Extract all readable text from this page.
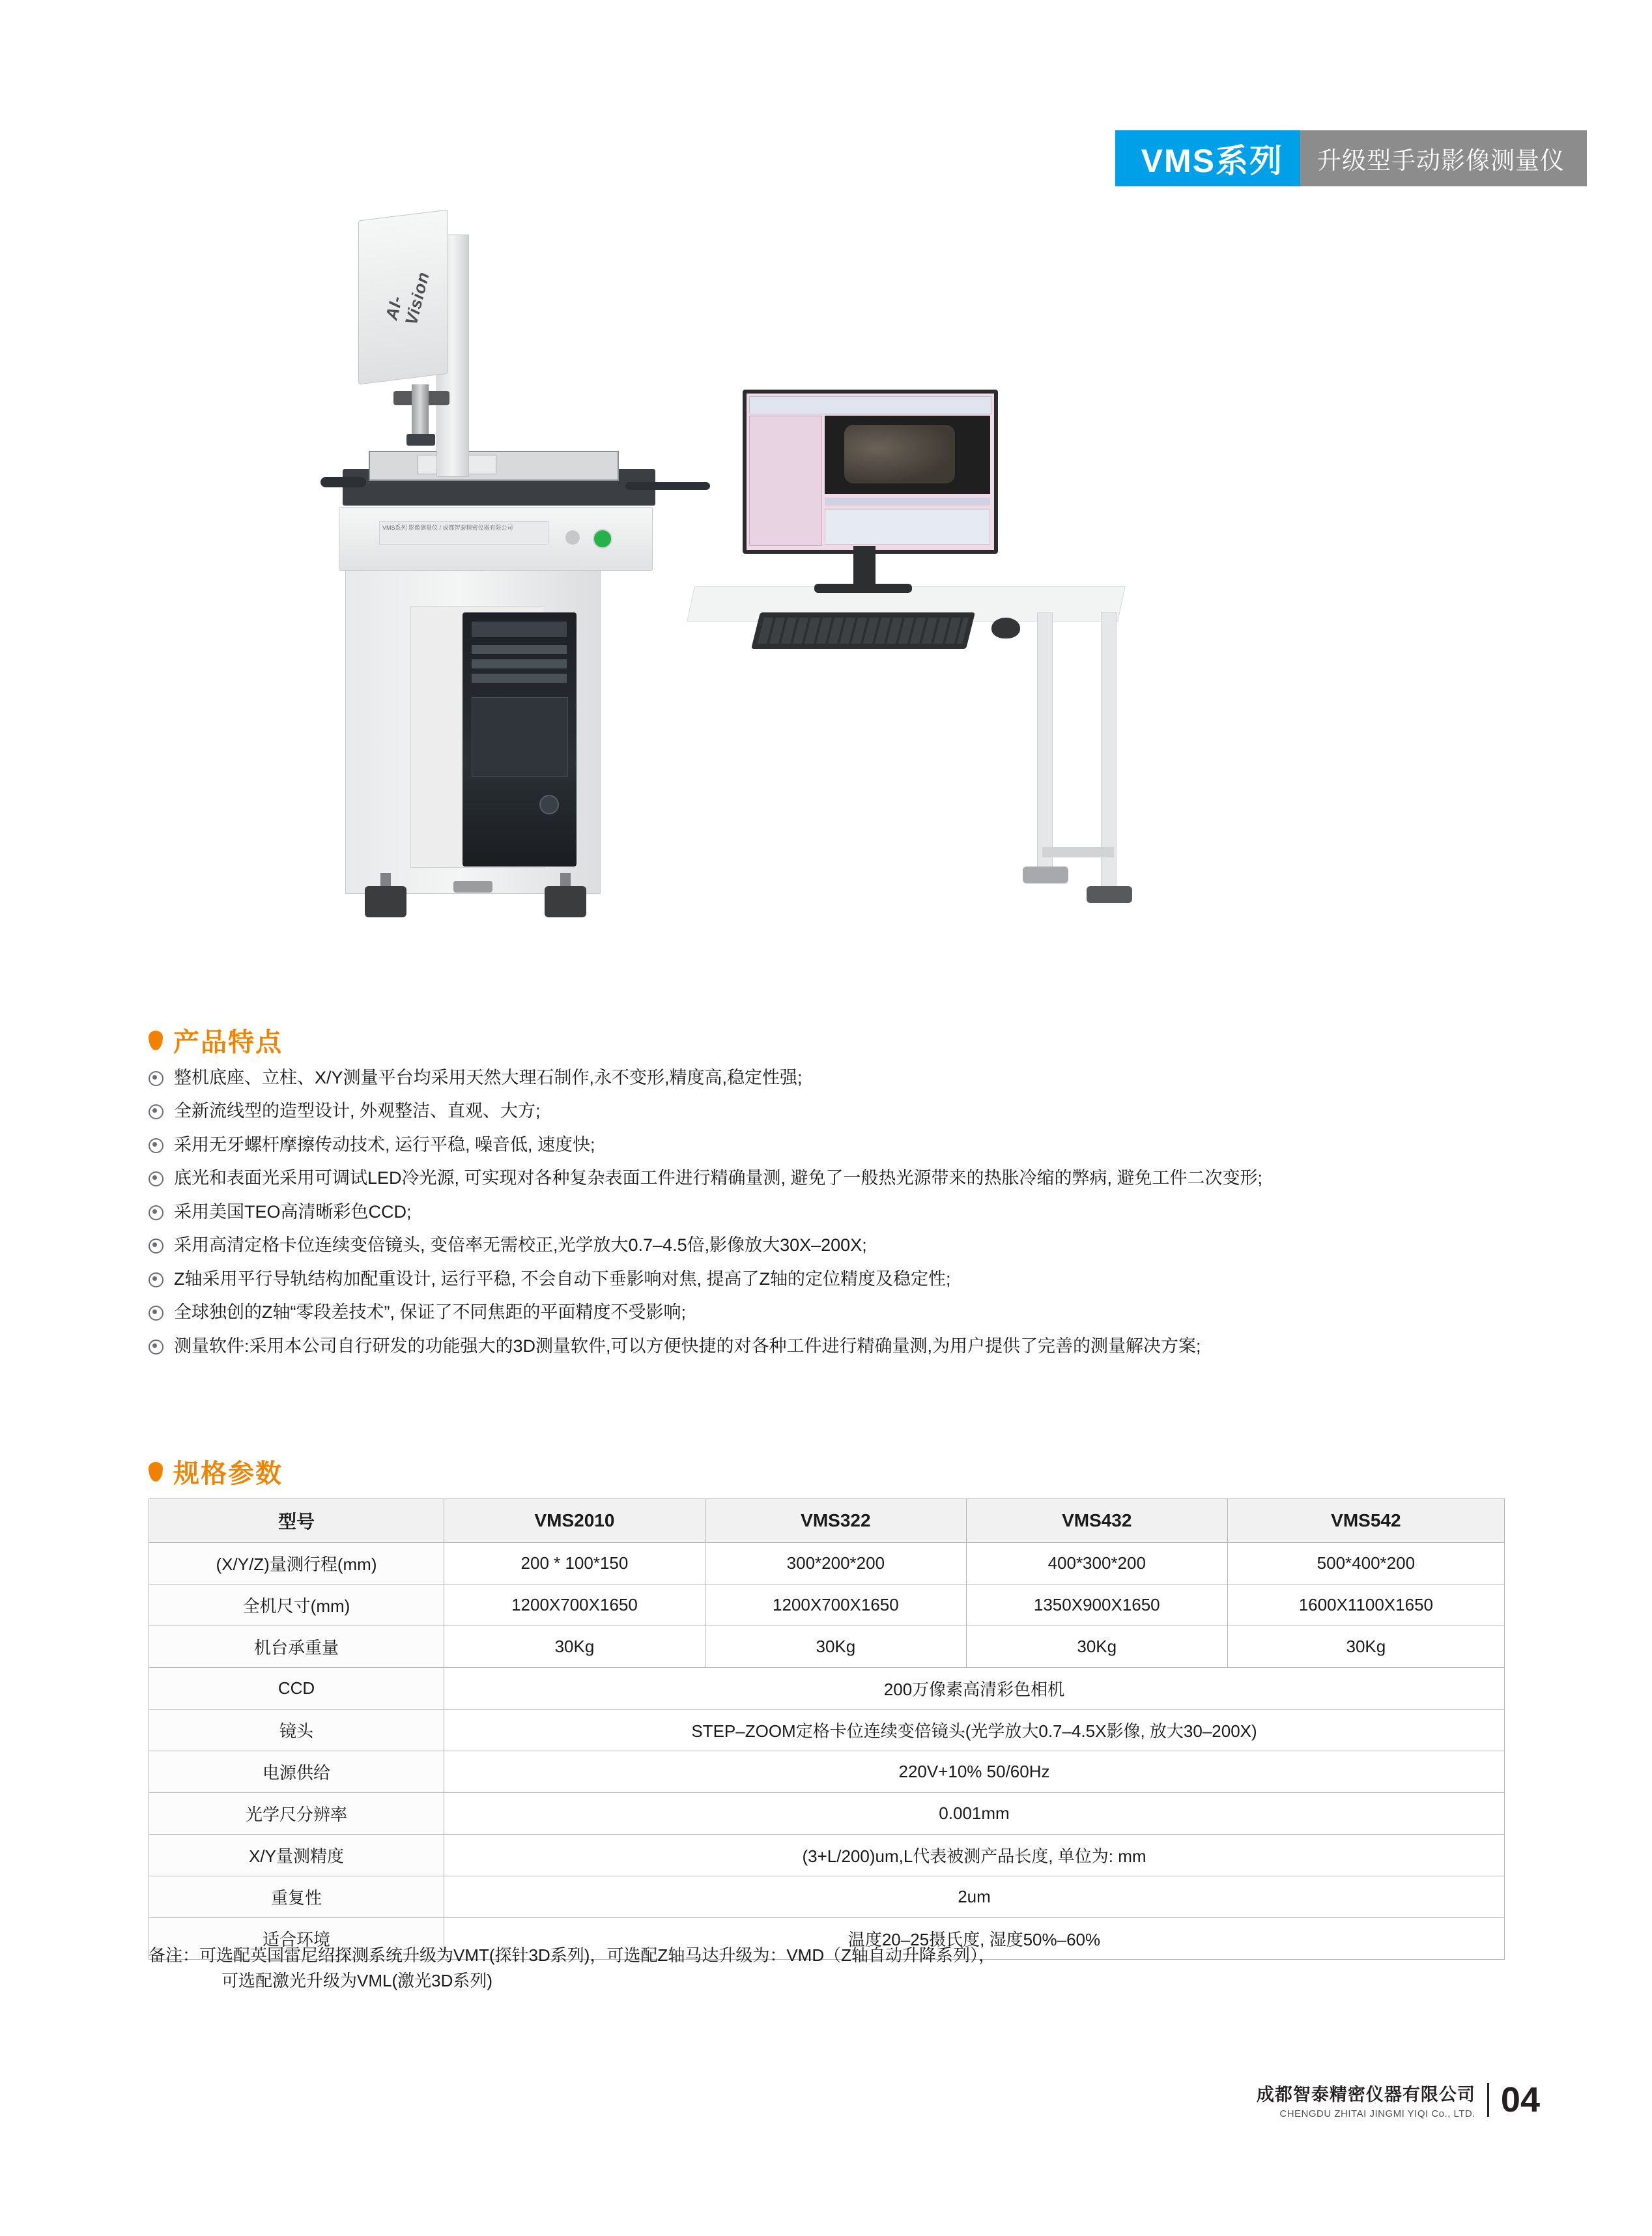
VMS系列	升级型手动影像测量仪
VMS系列 影像测量仪 / 成都智泰精密仪器有限公司
AI-Vision
产品特点
整机底座、立柱、X/Y测量平台均采用天然大理石制作,永不变形,精度高,稳定性强;
全新流线型的造型设计, 外观整洁、直观、大方;
采用无牙螺杆摩擦传动技术, 运行平稳, 噪音低, 速度快;
底光和表面光采用可调试LED冷光源, 可实现对各种复杂表面工件进行精确量测, 避免了一般热光源带来的热胀冷缩的弊病, 避免工件二次变形;
采用美国TEO高清晰彩色CCD;
采用高清定格卡位连续变倍镜头, 变倍率无需校正,光学放大0.7–4.5倍,影像放大30X–200X;
Z轴采用平行导轨结构加配重设计, 运行平稳, 不会自动下垂影响对焦, 提高了Z轴的定位精度及稳定性;
全球独创的Z轴“零段差技术”, 保证了不同焦距的平面精度不受影响;
测量软件:采用本公司自行研发的功能强大的3D测量软件,可以方便快捷的对各种工件进行精确量测,为用户提供了完善的测量解决方案;
规格参数
型号	VMS2010	VMS322	VMS432	VMS542
(X/Y/Z)量测行程(mm)	200 * 100*150	300*200*200	400*300*200	500*400*200
全机尺寸(mm)	1200X700X1650	1200X700X1650	1350X900X1650	1600X1100X1650
机台承重量	30Kg	30Kg	30Kg	30Kg
CCD	200万像素高清彩色相机			
镜头	STEP–ZOOM定格卡位连续变倍镜头(光学放大0.7–4.5X影像, 放大30–200X)			
电源供给	220V+10% 50/60Hz			
光学尺分辨率	0.001mm			
X/Y量测精度	(3+L/200)um,L代表被测产品长度, 单位为: mm			
重复性	2um			
适合环境	温度20–25摄氏度, 湿度50%–60%			
备注：可选配英国雷尼绍探测系统升级为VMT(探针3D系列)，可选配Z轴马达升级为：VMD（Z轴自动升降系列），
可选配激光升级为VML(激光3D系列)
成都智泰精密仪器有限公司
CHENGDU ZHITAI JINGMI YIQI Co., LTD. 04
